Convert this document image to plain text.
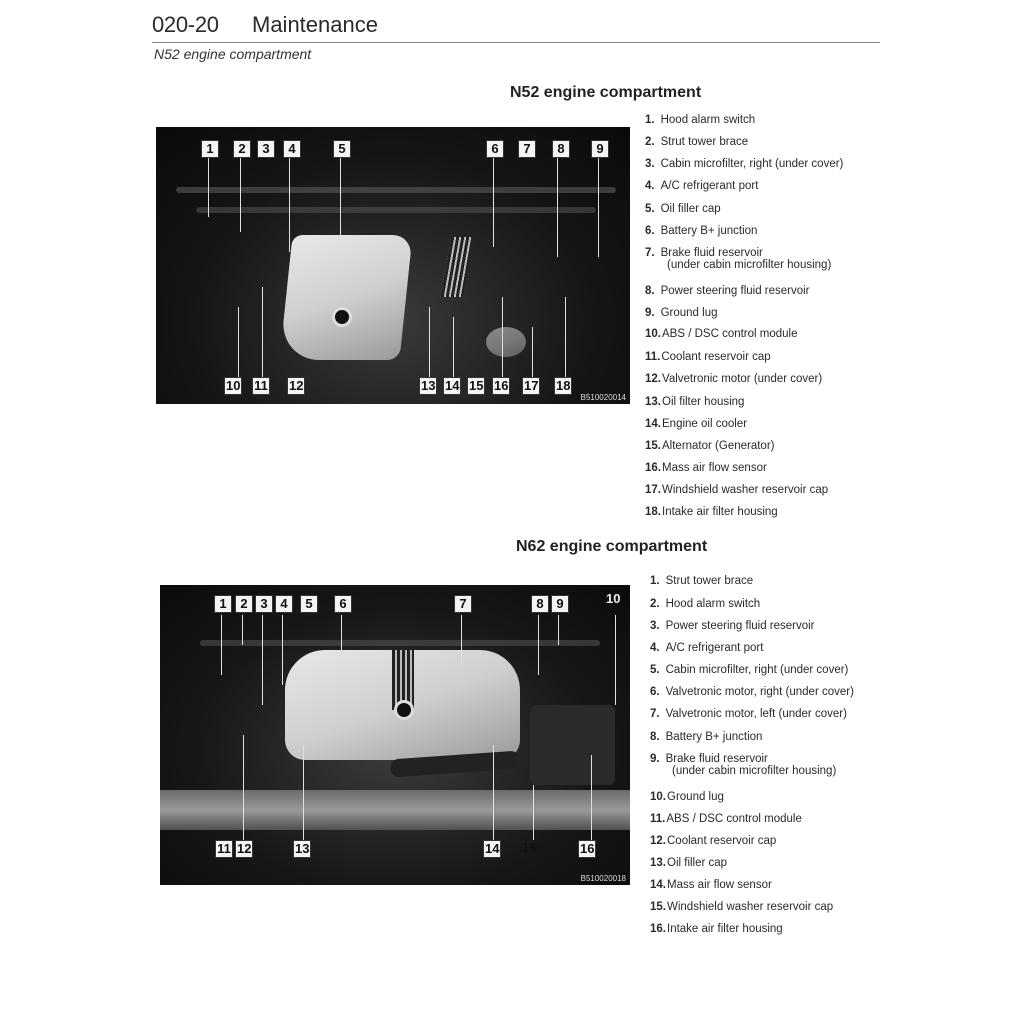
020-20 Maintenance
N52 engine compartment
N52 engine compartment
1	2	3	4	5	6	7	8	9
10 11 12	13 14 15 16 17 18
B510020014
1. Hood alarm switch
2. Strut tower brace
3. Cabin microfilter, right (under cover)
4. A/C refrigerant port
5. Oil filler cap
6. Battery B+ junction
7. Brake fluid reservoir
(under cabin microfilter housing)
8. Power steering fluid reservoir
9. Ground lug
10.ABS / DSC control module
11.Coolant reservoir cap
12.Valvetronic motor (under cover)
13.Oil filter housing
14.Engine oil cooler
15.Alternator (Generator)
16.Mass air flow sensor
17.Windshield washer reservoir cap
18.Intake air filter housing
N62 engine compartment
1	2 3 4	5	6	7	8 9	10
11 12	13	14 15	16
B510020018
1. Strut tower brace
2. Hood alarm switch
3. Power steering fluid reservoir
4. A/C refrigerant port
5. Cabin microfilter, right (under cover)
6. Valvetronic motor, right (under cover)
7. Valvetronic motor, left (under cover)
8. Battery B+ junction
9. Brake fluid reservoir
(under cabin microfilter housing)
10.Ground lug
11.ABS / DSC control module
12.Coolant reservoir cap
13.Oil filler cap
14.Mass air flow sensor
15.Windshield washer reservoir cap
16.Intake air filter housing
